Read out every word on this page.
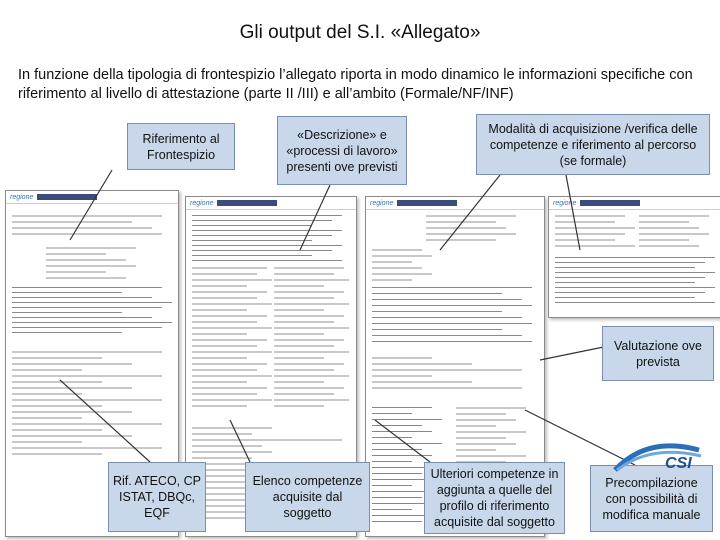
Gli output del S.I. «Allegato»
In funzione della tipologia di frontespizio l’allegato riporta in modo dinamico le informazioni specifiche con riferimento al livello di attestazione (parte II /III) e all’ambito (Formale/NF/INF)
regione
regione	regione	regione
Riferimento al Frontespizio
«Descrizione» e «processi di lavoro» presenti ove previsti
Modalità di acquisizione /verifica delle competenze e riferimento al percorso (se formale)
Valutazione ove prevista
Rif. ATECO, CP ISTAT, DBQc, EQF
Elenco competenze acquisite dal soggetto
Ulteriori competenze in aggiunta a quelle del profilo di riferimento acquisite dal soggetto
Precompilazione con possibilità di modifica manuale
CSI
